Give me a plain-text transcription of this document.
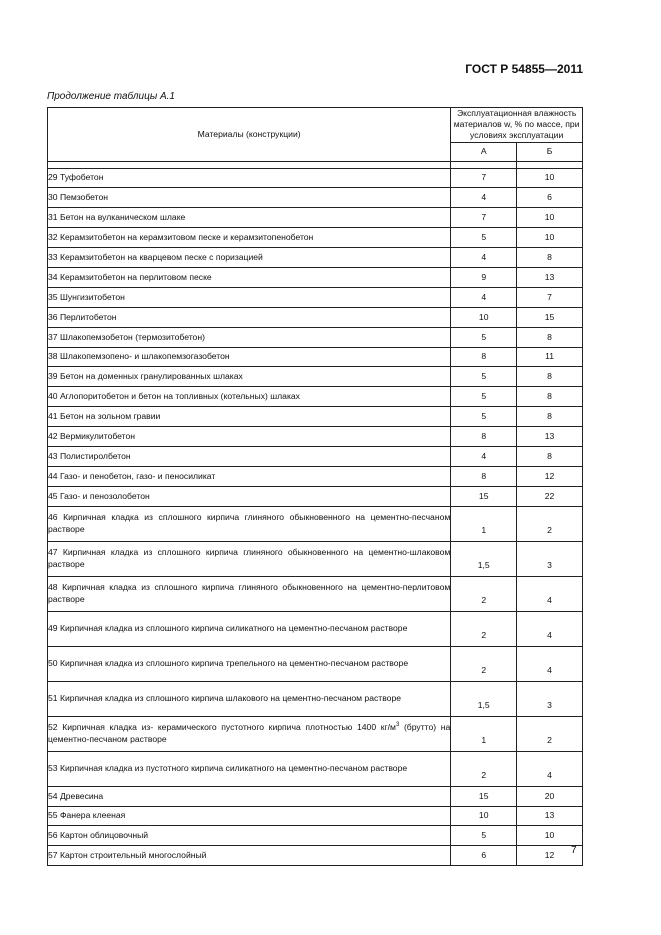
ГОСТ Р 54855—2011
Продолжение таблицы А.1
Материалы (конструкции)	Эксплуатационная влажность материалов w, % по массе, при условиях эксплуатации	
	А	Б

29 Туфобетон	7	10
30 Пемзобетон	4	6
31 Бетон на вулканическом шлаке	7	10
32 Керамзитобетон на керамзитовом песке и керамзитопенобетон	5	10
33 Керамзитобетон на кварцевом песке с поризацией	4	8
34 Керамзитобетон на перлитовом песке	9	13
35 Шунгизитобетон	4	7
36 Перлитобетон	10	15
37 Шлакопемзобетон (термозитобетон)	5	8
38 Шлакопемзопено- и шлакопемзогазобетон	8	11
39 Бетон на доменных гранулированных шлаках	5	8
40 Аглопоритобетон и бетон на топливных (котельных) шлаках	5	8
41 Бетон на зольном гравии	5	8
42 Вермикулитобетон	8	13
43 Полистиролбетон	4	8
44 Газо- и пенобетон, газо- и пеносиликат	8	12
45 Газо- и пенозолобетон	15	22
46 Кирпичная кладка из сплошного кирпича глиняного обыкновенного на цементно-песчаном растворе	1	2
47 Кирпичная кладка из сплошного кирпича глиняного обыкновенного на цементно-шлаковом растворе	1,5	3
48 Кирпичная кладка из сплошного кирпича глиняного обыкновенного на цементно-перлитовом растворе	2	4
49 Кирпичная кладка из сплошного кирпича силикатного на цементно-песчаном растворе	2	4
50 Кирпичная кладка из сплошного кирпича трепельного на цементно-песчаном растворе	2	4
51 Кирпичная кладка из сплошного кирпича шлакового на цементно-песчаном растворе	1,5	3
52 Кирпичная кладка из- керамического пустотного кирпича плотностью 1400 $кг/м^3$ (брутто) на цементно-песчаном растворе	1	2
53 Кирпичная кладка из пустотного кирпича силикатного на цементно-песчаном растворе	2	4
54 Древесина	15	20
55 Фанера клееная	10	13
56 Картон облицовочный	5	10
57 Картон строительный многослойный	6	12 7
